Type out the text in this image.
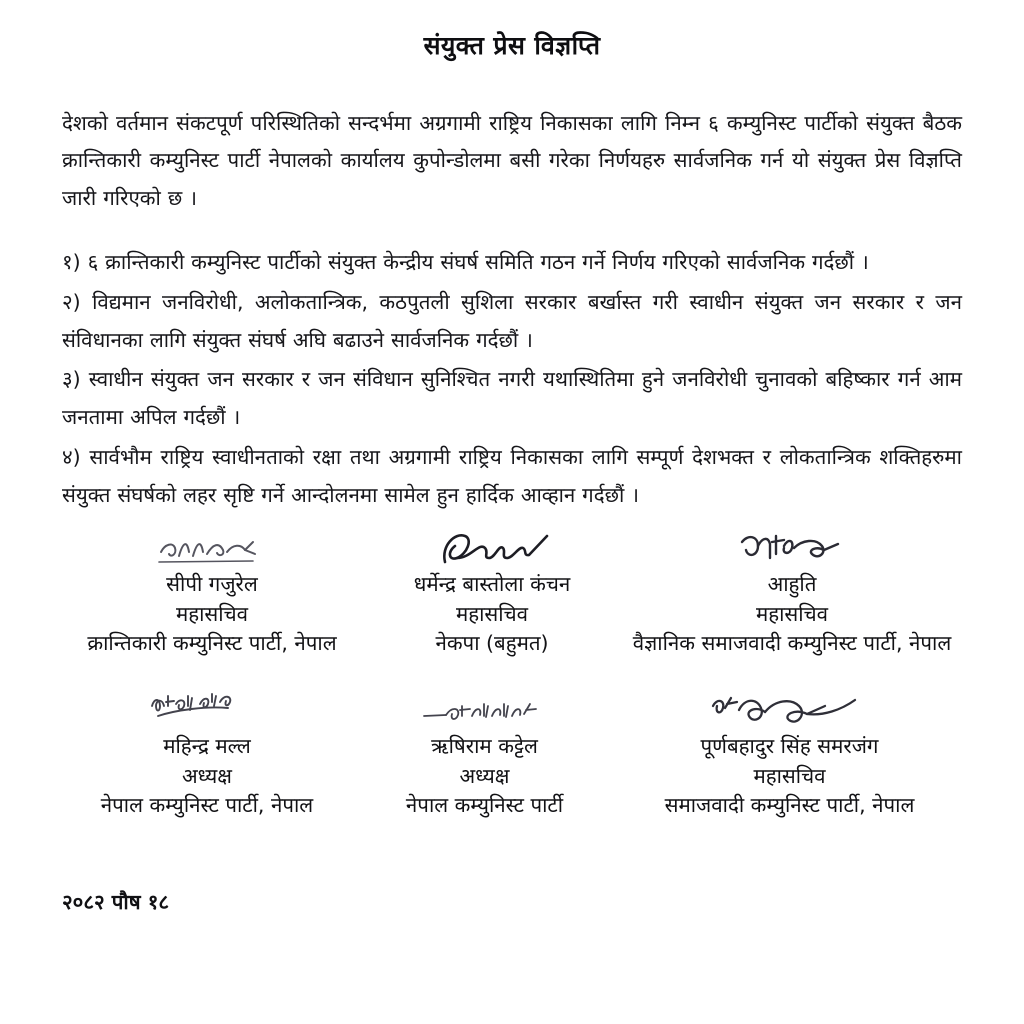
संयुक्त प्रेस विज्ञप्ति

देशको वर्तमान संकटपूर्ण परिस्थितिको सन्दर्भमा अग्रगामी राष्ट्रिय निकासका लागि निम्न ६ कम्युनिस्ट पार्टीको संयुक्त बैठक क्रान्तिकारी कम्युनिस्ट पार्टी नेपालको कार्यालय कुपोन्डोलमा बसी गरेका निर्णयहरु सार्वजनिक गर्न यो संयुक्त प्रेस विज्ञप्ति जारी गरिएको छ ।

१) ६ क्रान्तिकारी कम्युनिस्ट पार्टीको संयुक्त केन्द्रीय संघर्ष समिति गठन गर्ने निर्णय गरिएको सार्वजनिक गर्दछौं ।

२) विद्यमान जनविरोधी, अलोकतान्त्रिक, कठपुतली सुशिला सरकार बर्खास्त गरी स्वाधीन संयुक्त जन सरकार र जन संविधानका लागि संयुक्त संघर्ष अघि बढाउने सार्वजनिक गर्दछौं ।

३) स्वाधीन संयुक्त जन सरकार र जन संविधान सुनिश्चित नगरी यथास्थितिमा हुने जनविरोधी चुनावको बहिष्कार गर्न आम जनतामा अपिल गर्दछौं ।

४) सार्वभौम राष्ट्रिय स्वाधीनताको रक्षा तथा अग्रगामी राष्ट्रिय निकासका लागि सम्पूर्ण देशभक्त र लोकतान्त्रिक शक्तिहरुमा संयुक्त संघर्षको लहर सृष्टि गर्ने आन्दोलनमा सामेल हुन हार्दिक आव्हान गर्दछौं ।

सीपी गजुरेल
महासचिव
क्रान्तिकारी कम्युनिस्ट पार्टी, नेपाल
धर्मेन्द्र बास्तोला कंचन
महासचिव
नेकपा (बहुमत)
आहुति
महासचिव
वैज्ञानिक समाजवादी कम्युनिस्ट पार्टी, नेपाल
महिन्द्र मल्ल
अध्यक्ष
नेपाल कम्युनिस्ट पार्टी, नेपाल
ऋषिराम कट्टेल
अध्यक्ष
नेपाल कम्युनिस्ट पार्टी
पूर्णबहादुर सिंह समरजंग
महासचिव
समाजवादी कम्युनिस्ट पार्टी, नेपाल
२०८२ पौष १८
